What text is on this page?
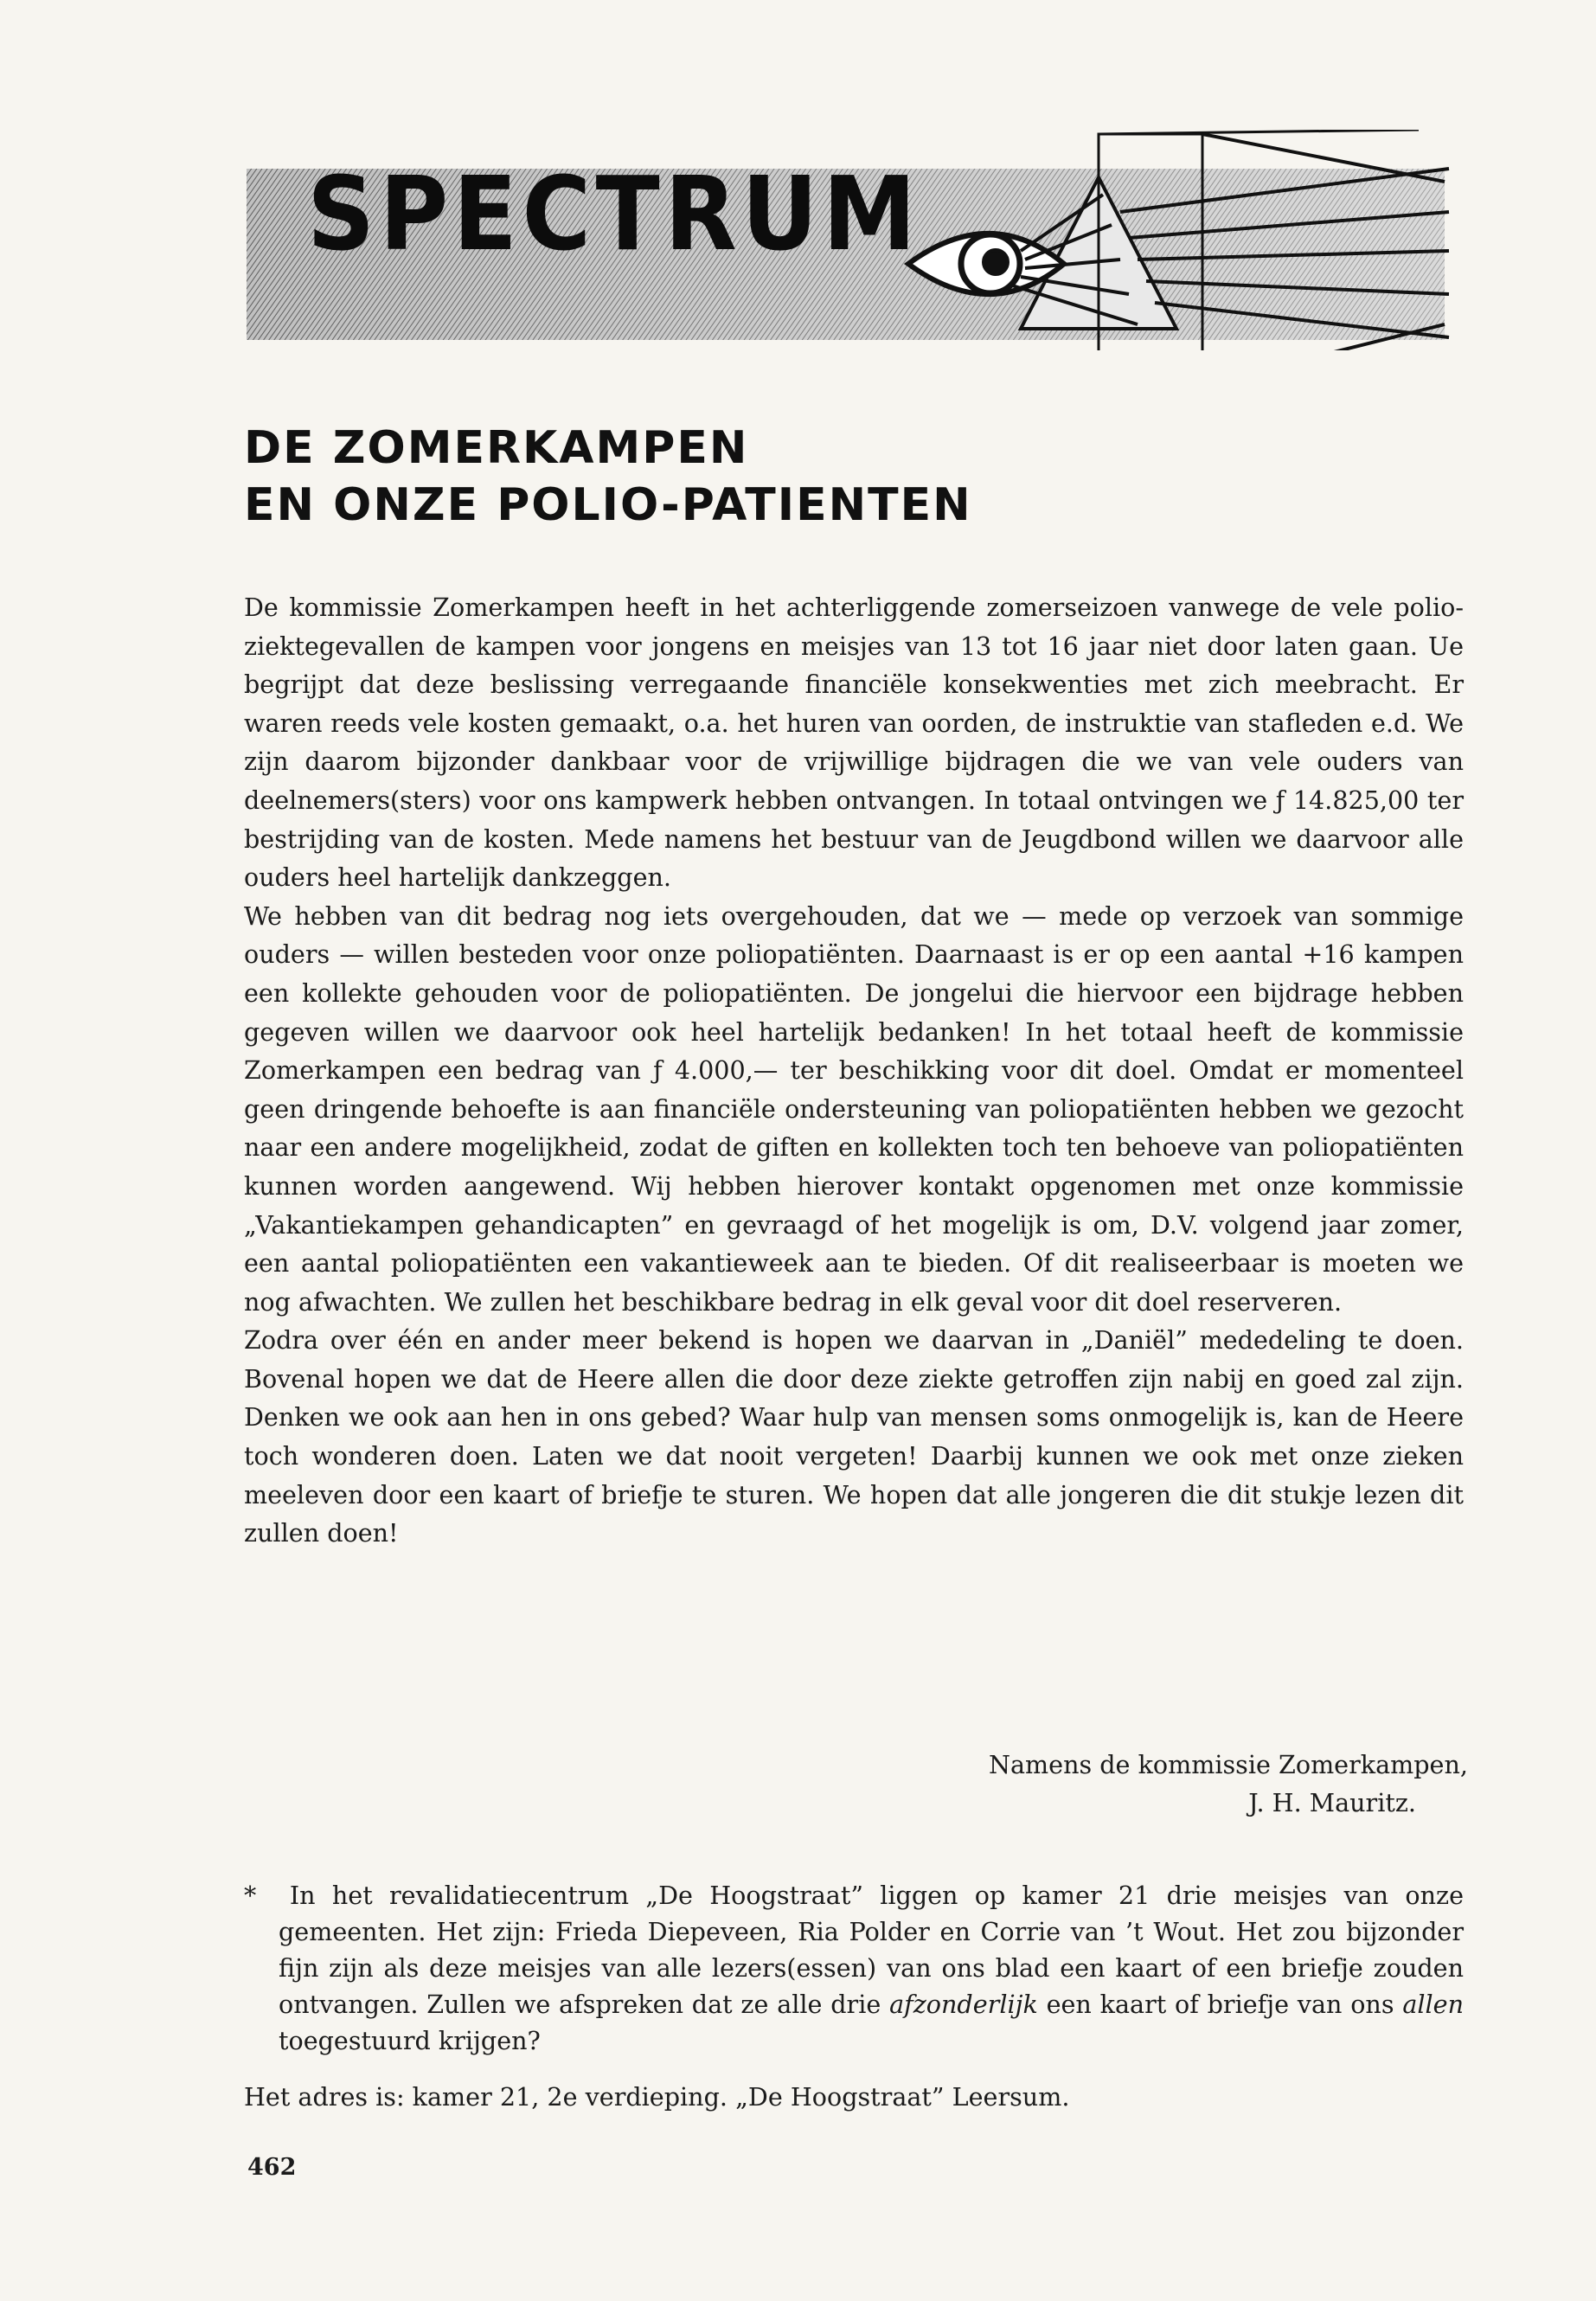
SPECTRUM
DE ZOMERKAMPEN
EN ONZE POLIO-PATIENTEN

De kommissie Zomerkampen heeft in het achterliggende zomerseizoen vanwege de vele polio-ziektegevallen de kampen voor jongens en meisjes van 13 tot 16 jaar niet door laten gaan. Ue begrijpt dat deze beslissing verregaande financiële konsekwenties met zich meebracht. Er waren reeds vele kosten gemaakt, o.a. het huren van oorden, de instruktie van stafleden e.d. We zijn daarom bijzonder dankbaar voor de vrijwillige bijdragen die we van vele ouders van deelnemers(sters) voor ons kampwerk hebben ontvangen. In totaal ontvingen we ƒ 14.825,00 ter bestrijding van de kosten. Mede namens het bestuur van de Jeugdbond willen we daarvoor alle ouders heel hartelijk dankzeggen.

We hebben van dit bedrag nog iets overgehouden, dat we — mede op verzoek van sommige ouders — willen besteden voor onze poliopatiënten. Daarnaast is er op een aantal +16 kampen een kollekte gehouden voor de poliopatiënten. De jongelui die hiervoor een bijdrage hebben gegeven willen we daarvoor ook heel hartelijk bedanken! In het totaal heeft de kommissie Zomerkampen een bedrag van ƒ 4.000,— ter beschikking voor dit doel. Omdat er momenteel geen dringende behoefte is aan financiële ondersteuning van poliopatiënten hebben we gezocht naar een andere mogelijkheid, zodat de giften en kollekten toch ten behoeve van poliopatiënten kunnen worden aangewend. Wij hebben hierover kontakt opgenomen met onze kommissie „Vakantiekampen gehandicapten” en gevraagd of het mogelijk is om, D.V. volgend jaar zomer, een aantal poliopatiënten een vakantieweek aan te bieden. Of dit realiseerbaar is moeten we nog afwachten. We zullen het beschikbare bedrag in elk geval voor dit doel reserveren.

Zodra over één en ander meer bekend is hopen we daarvan in „Daniël” mededeling te doen. Bovenal hopen we dat de Heere allen die door deze ziekte getroffen zijn nabij en goed zal zijn. Denken we ook aan hen in ons gebed? Waar hulp van mensen soms onmogelijk is, kan de Heere toch wonderen doen. Laten we dat nooit vergeten! Daarbij kunnen we ook met onze zieken meeleven door een kaart of briefje te sturen. We hopen dat alle jongeren die dit stukje lezen dit zullen doen!

Namens de kommissie Zomerkampen,
J. H. Mauritz.

* In het revalidatiecentrum „De Hoogstraat” liggen op kamer 21 drie meisjes van onze gemeenten. Het zijn: Frieda Diepeveen, Ria Polder en Corrie van ’t Wout. Het zou bijzonder fijn zijn als deze meisjes van alle lezers(essen) van ons blad een kaart of een briefje zouden ontvangen. Zullen we afspreken dat ze alle drie afzonderlijk een kaart of briefje van ons allen toegestuurd krijgen?

Het adres is: kamer 21, 2e verdieping. „De Hoogstraat” Leersum.
462
